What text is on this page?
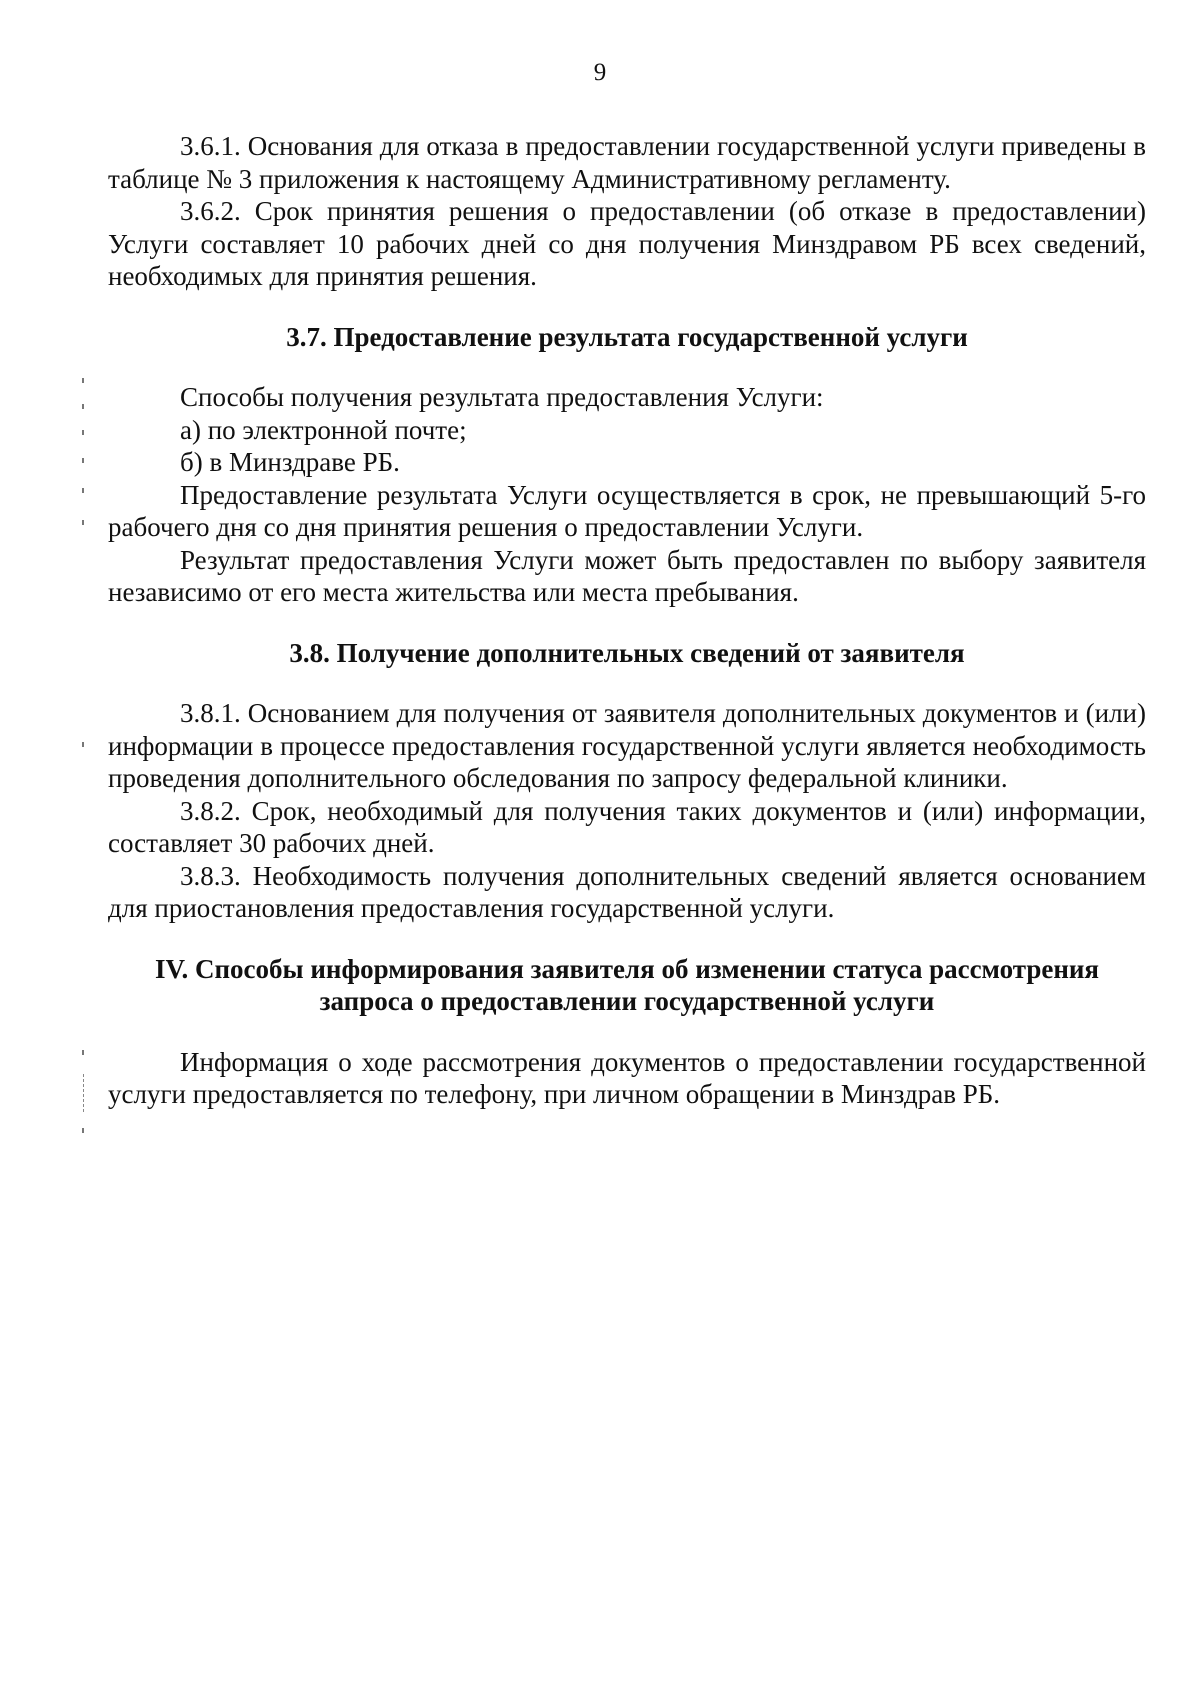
9

3.6.1. Основания для отказа в предоставлении государственной услуги приведены в таблице № 3 приложения к настоящему Административному регламенту.

3.6.2. Срок принятия решения о предоставлении (об отказе в предоставлении) Услуги составляет 10 рабочих дней со дня получения Минздравом РБ всех сведений, необходимых для принятия решения.

3.7. Предоставление результата государственной услуги

Способы получения результата предоставления Услуги:

а) по электронной почте;

б) в Минздраве РБ.

Предоставление результата Услуги осуществляется в срок, не превышающий 5-го рабочего дня со дня принятия решения о предоставлении Услуги.

Результат предоставления Услуги может быть предоставлен по выбору заявителя независимо от его места жительства или места пребывания.

3.8. Получение дополнительных сведений от заявителя

3.8.1. Основанием для получения от заявителя дополнительных документов и (или) информации в процессе предоставления государственной услуги является необходимость проведения дополнительного обследования по запросу федеральной клиники.

3.8.2. Срок, необходимый для получения таких документов и (или) информации, составляет 30 рабочих дней.

3.8.3. Необходимость получения дополнительных сведений является основанием для приостановления предоставления государственной услуги.

IV. Способы информирования заявителя об изменении статуса рассмотрения запроса о предоставлении государственной услуги

Информация о ходе рассмотрения документов о предоставлении государственной услуги предоставляется по телефону, при личном обращении в Минздрав РБ.
